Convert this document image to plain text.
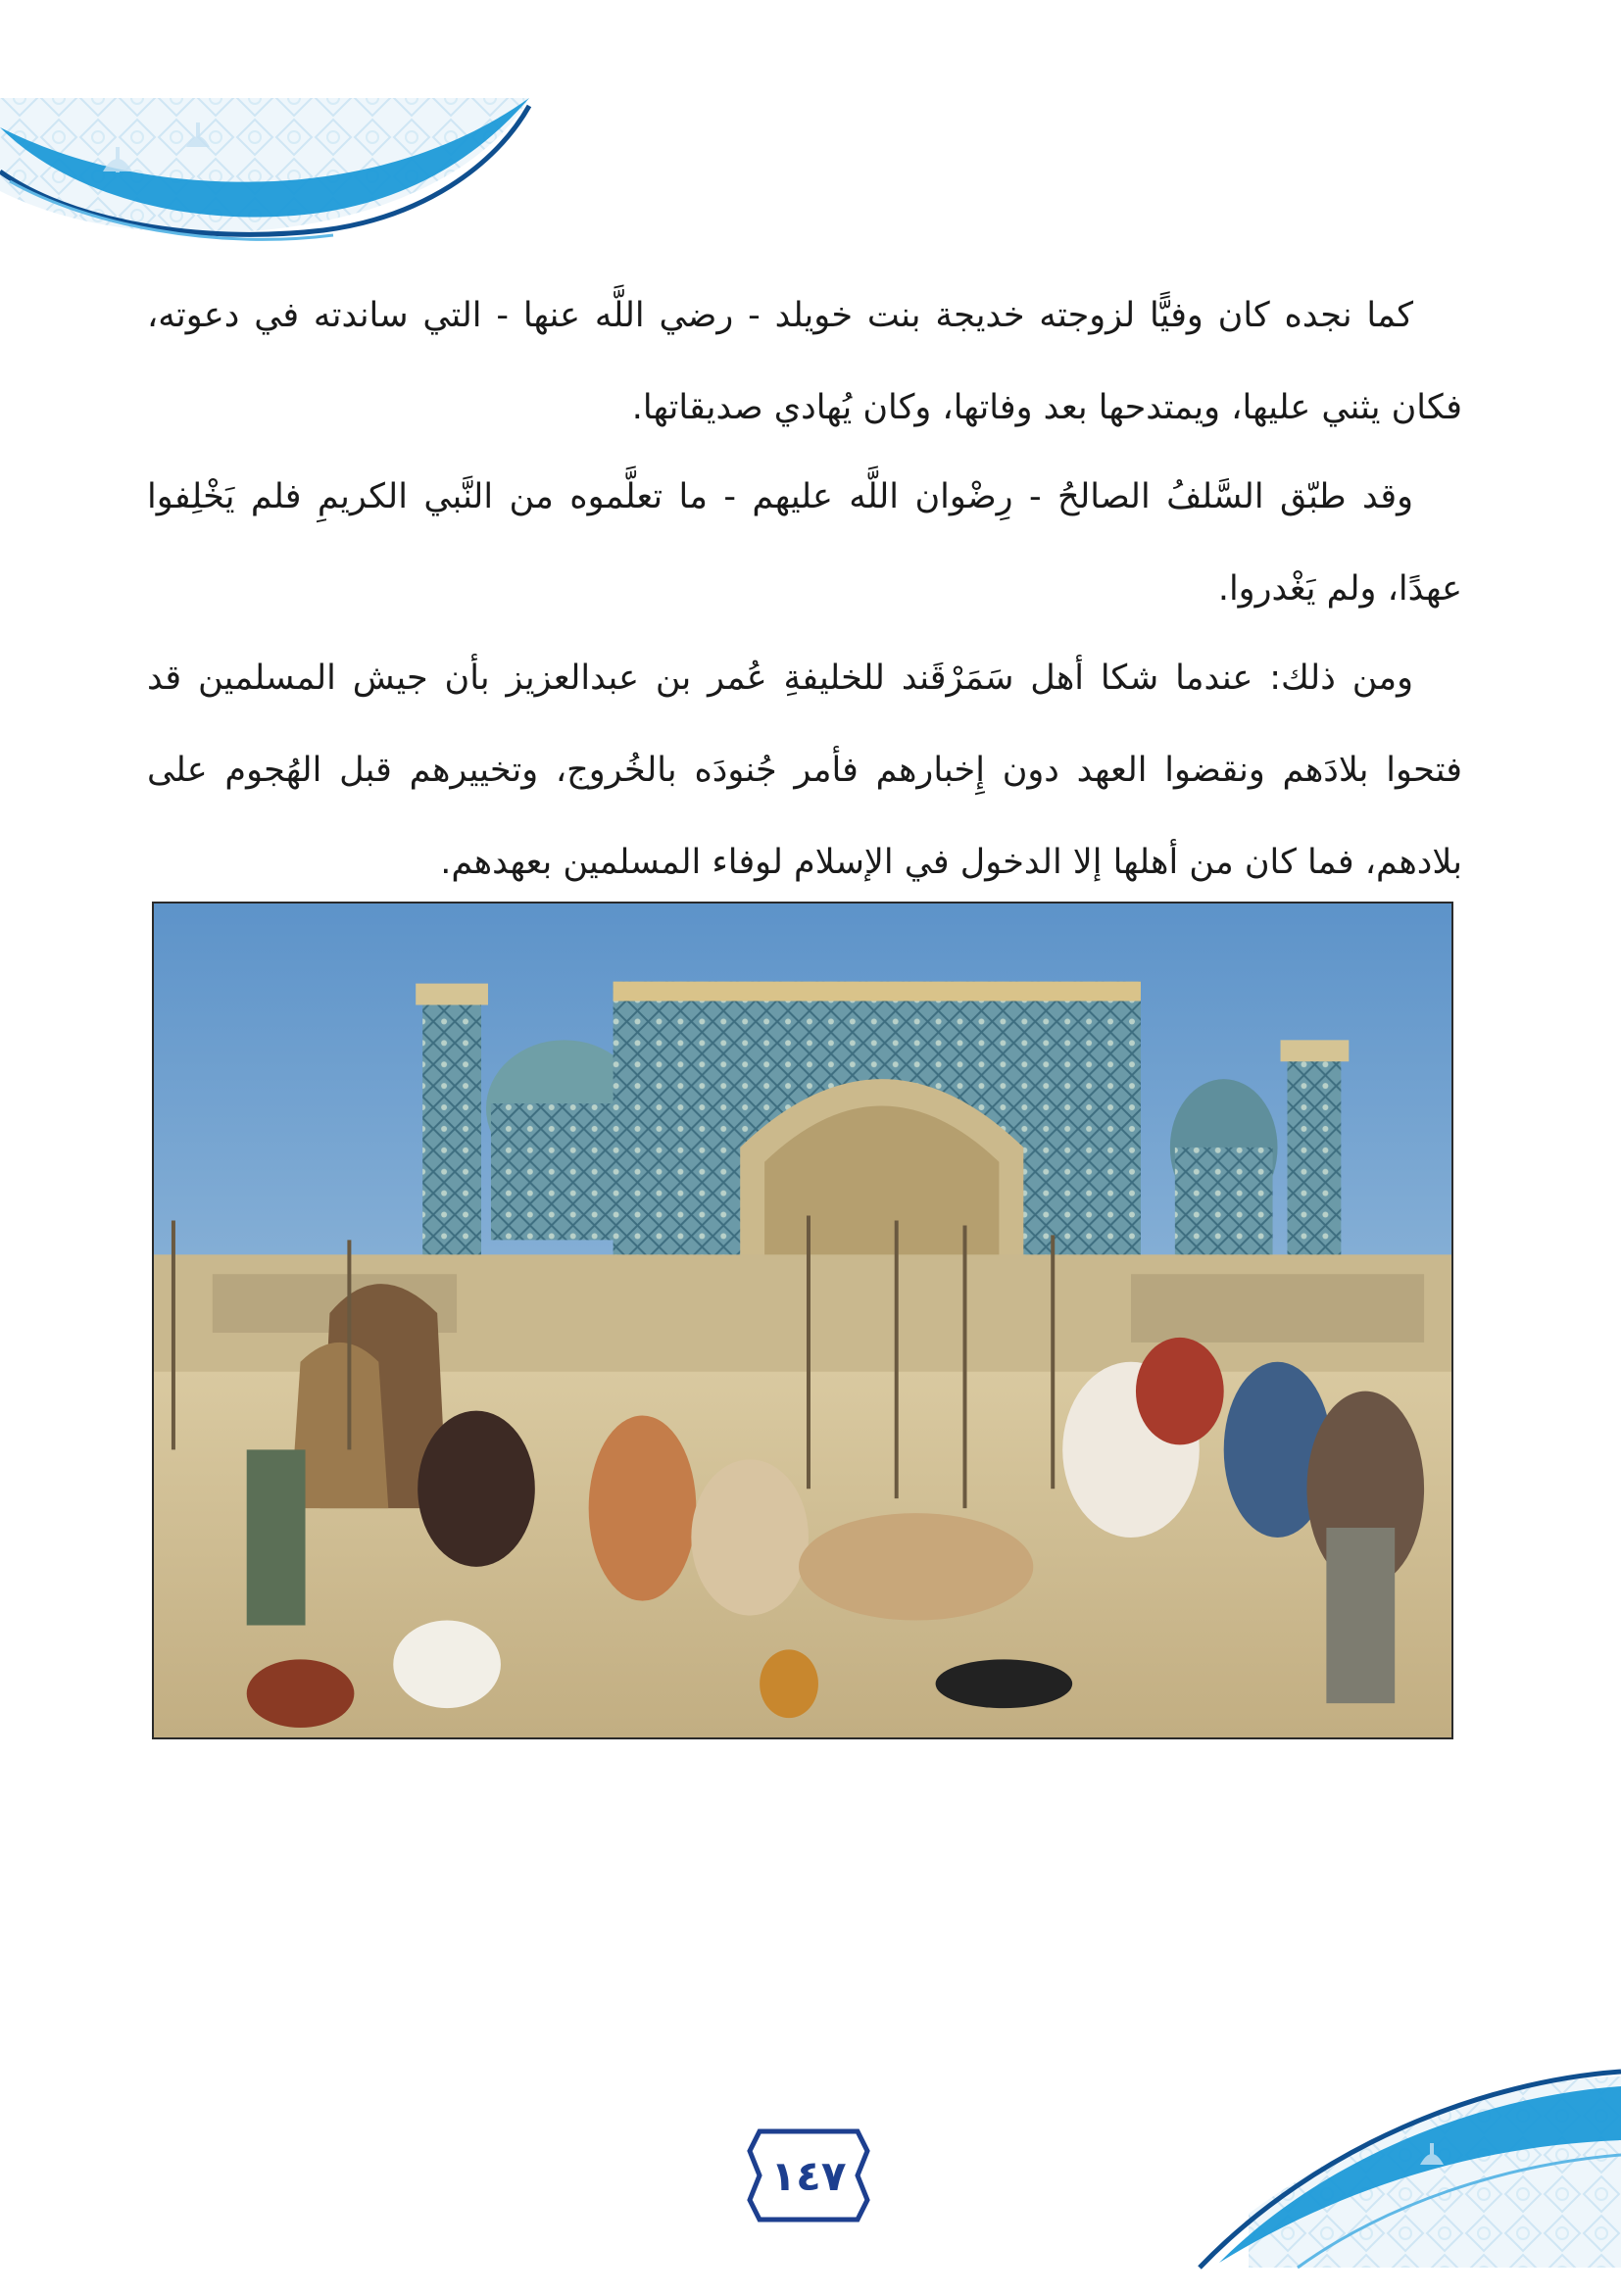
كما نجده كان وفيًّا لزوجته خديجة بنت خويلد - رضي اللَّه عنها - التي ساندته في دعوته، فكان يثني عليها، ويمتدحها بعد وفاتها، وكان يُهادي صديقاتها.

وقد طبّق السَّلفُ الصالحُ - رِضْوان اللَّه عليهم - ما تعلَّموه من النَّبي الكريمِ فلم يَخْلِفوا عهدًا، ولم يَغْدروا.

ومن ذلك: عندما شكا أهل سَمَرْقَند للخليفةِ عُمر بن عبدالعزيز بأن جيش المسلمين قد فتحوا بلادَهم ونقضوا العهد دون إِخبارهم فأمر جُنودَه بالخُروج، وتخييرهم قبل الهُجوم على بلادهم، فما كان من أهلها إلا الدخول في الإسلام لوفاء المسلمين بعهدهم.

١٤٧
